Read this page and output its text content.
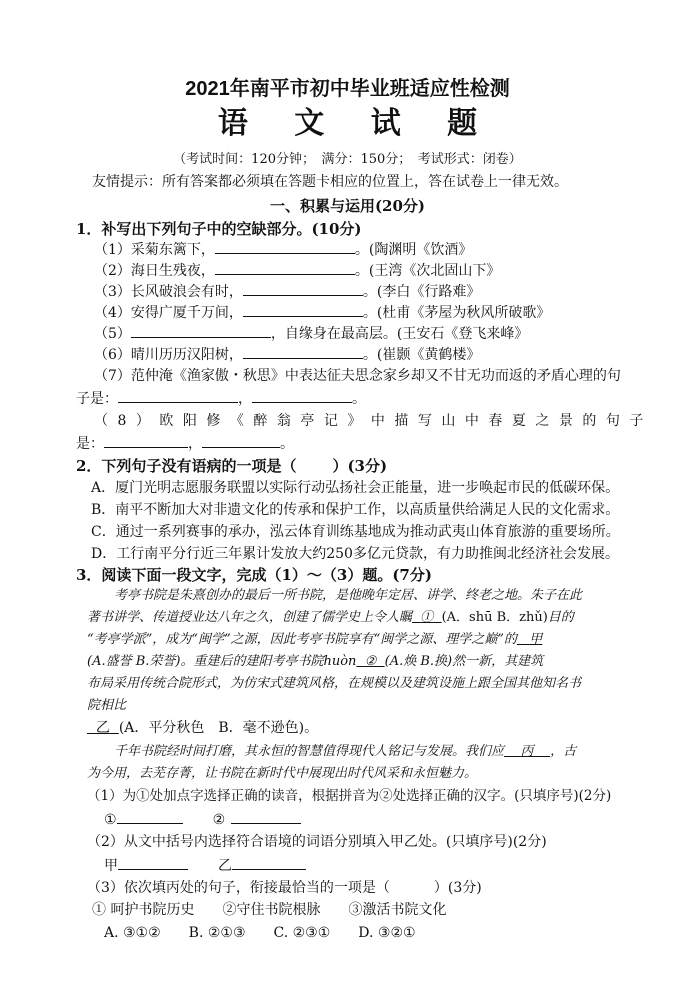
2021年南平市初中毕业班适应性检测
语 文 试 题
（考试时间：120分钟；　满分：150分；　考试形式：闭卷）
友情提示：所有答案都必须填在答题卡相应的位置上，答在试卷上一律无效。
一、积累与运用(20分)
1．补写出下列句子中的空缺部分。(10分)
（1）采菊东篱下，	。(陶渊明《饮酒》
（2）海日生残夜，	。(王湾《次北固山下》
（3）长风破浪会有时，	。(李白《行路难》
（4）安得广厦千万间，	。(杜甫《茅屋为秋风所破歌》
（5）	，自缘身在最高层。(王安石《登飞来峰》
（6）晴川历历汉阳树，	。(崔颢《黄鹤楼》
（7）范仲淹《渔家傲・秋思》中表达征夫思念家乡却又不甘无功而返的矛盾心理的句
子是：	，	。
（8）欧阳修《醉翁亭记》中描写山中春夏之景的句子
是：	，	。
2．下列句子没有语病的一项是（ ）(3分)
A．厦门光明志愿服务联盟以实际行动弘扬社会正能量，进一步唤起市民的低碳环保。
B．南平不断加大对非遗文化的传承和保护工作，以高质量供给满足人民的文化需求。
C．通过一系列赛事的承办，泓云体育训练基地成为推动武夷山体育旅游的重要场所。
D．工行南平分行近三年累计发放大约250多亿元贷款，有力助推闽北经济社会发展。
3．阅读下面一段文字，完成（1）～（3）题。(7分)
考亭书院是朱熹创办的最后一所书院，是他晚年定居、讲学、终老之地。朱子在此
著书讲学、传道授业达八年之久，创建了儒学史上令人瞩 ① (A．shū B．zhǔ)目的
“考亭学派”，成为“闽学”之源，因此考亭书院享有“闽学之源、理学之巅”的 甲
(A.盛誉 B.荣誉)。重建后的建阳考亭书院huòn ② (A.焕 B.换)然一新，其建筑
布局采用传统合院形式，为仿宋式建筑风格，在规模以及建筑设施上跟全国其他知名书
院相比
乙 (A．平分秋色　B．毫不逊色)。
千年书院经时间打磨，其永恒的智慧值得现代人铭记与发展。我们应 丙 ，古
为今用，去芜存菁，让书院在新时代中展现出时代风采和永恒魅力。
（1）为①处加点字选择正确的读音，根据拼音为②处选择正确的汉字。(只填序号)(2分)
①	②
（2）从文中括号内选择符合语境的词语分别填入甲乙处。(只填序号)(2分)
甲	乙
（3）依次填丙处的句子，衔接最恰当的一项是（	）(3分)
① 呵护书院历史　　②守住书院根脉　　③激活书院文化
A. ③①②　　B. ②①③　　C. ②③①　　D. ③②①
